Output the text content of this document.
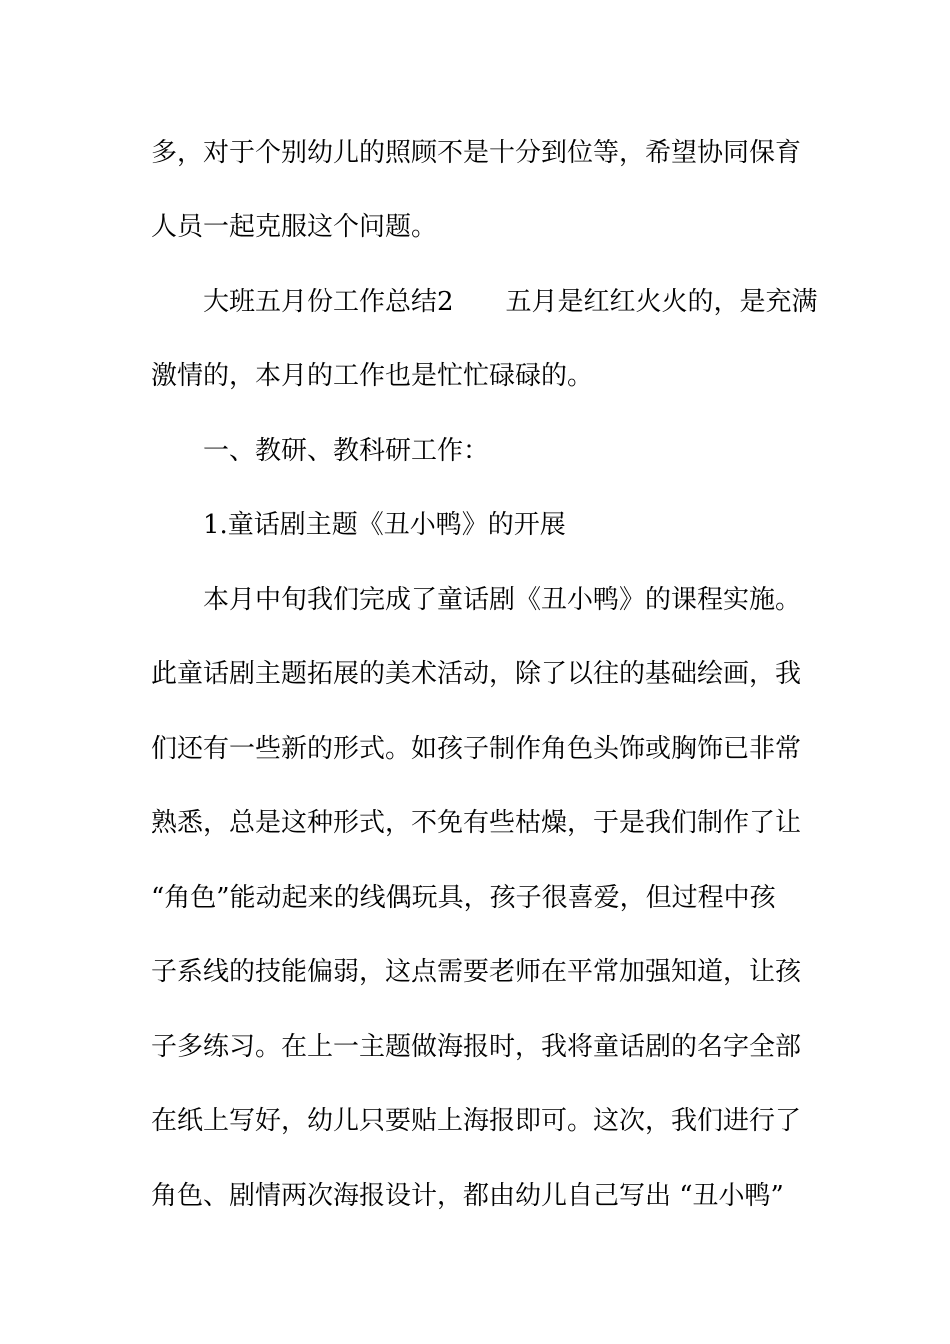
多，对于个别幼儿的照顾不是十分到位等，希望协同保育
人员一起克服这个问题。
大班五月份工作总结2　　五月是红红火火的，是充满
激情的，本月的工作也是忙忙碌碌的。
一、教研、教科研工作：
1.童话剧主题《丑小鸭》的开展
本月中旬我们完成了童话剧《丑小鸭》的课程实施。
此童话剧主题拓展的美术活动，除了以往的基础绘画，我
们还有一些新的形式。如孩子制作角色头饰或胸饰已非常
熟悉，总是这种形式，不免有些枯燥，于是我们制作了让
“角色”能动起来的线偶玩具，孩子很喜爱，但过程中孩
子系线的技能偏弱，这点需要老师在平常加强知道，让孩
子多练习。在上一主题做海报时，我将童话剧的名字全部
在纸上写好，幼儿只要贴上海报即可。这次，我们进行了
角色、剧情两次海报设计，都由幼儿自己写出 “丑小鸭”
